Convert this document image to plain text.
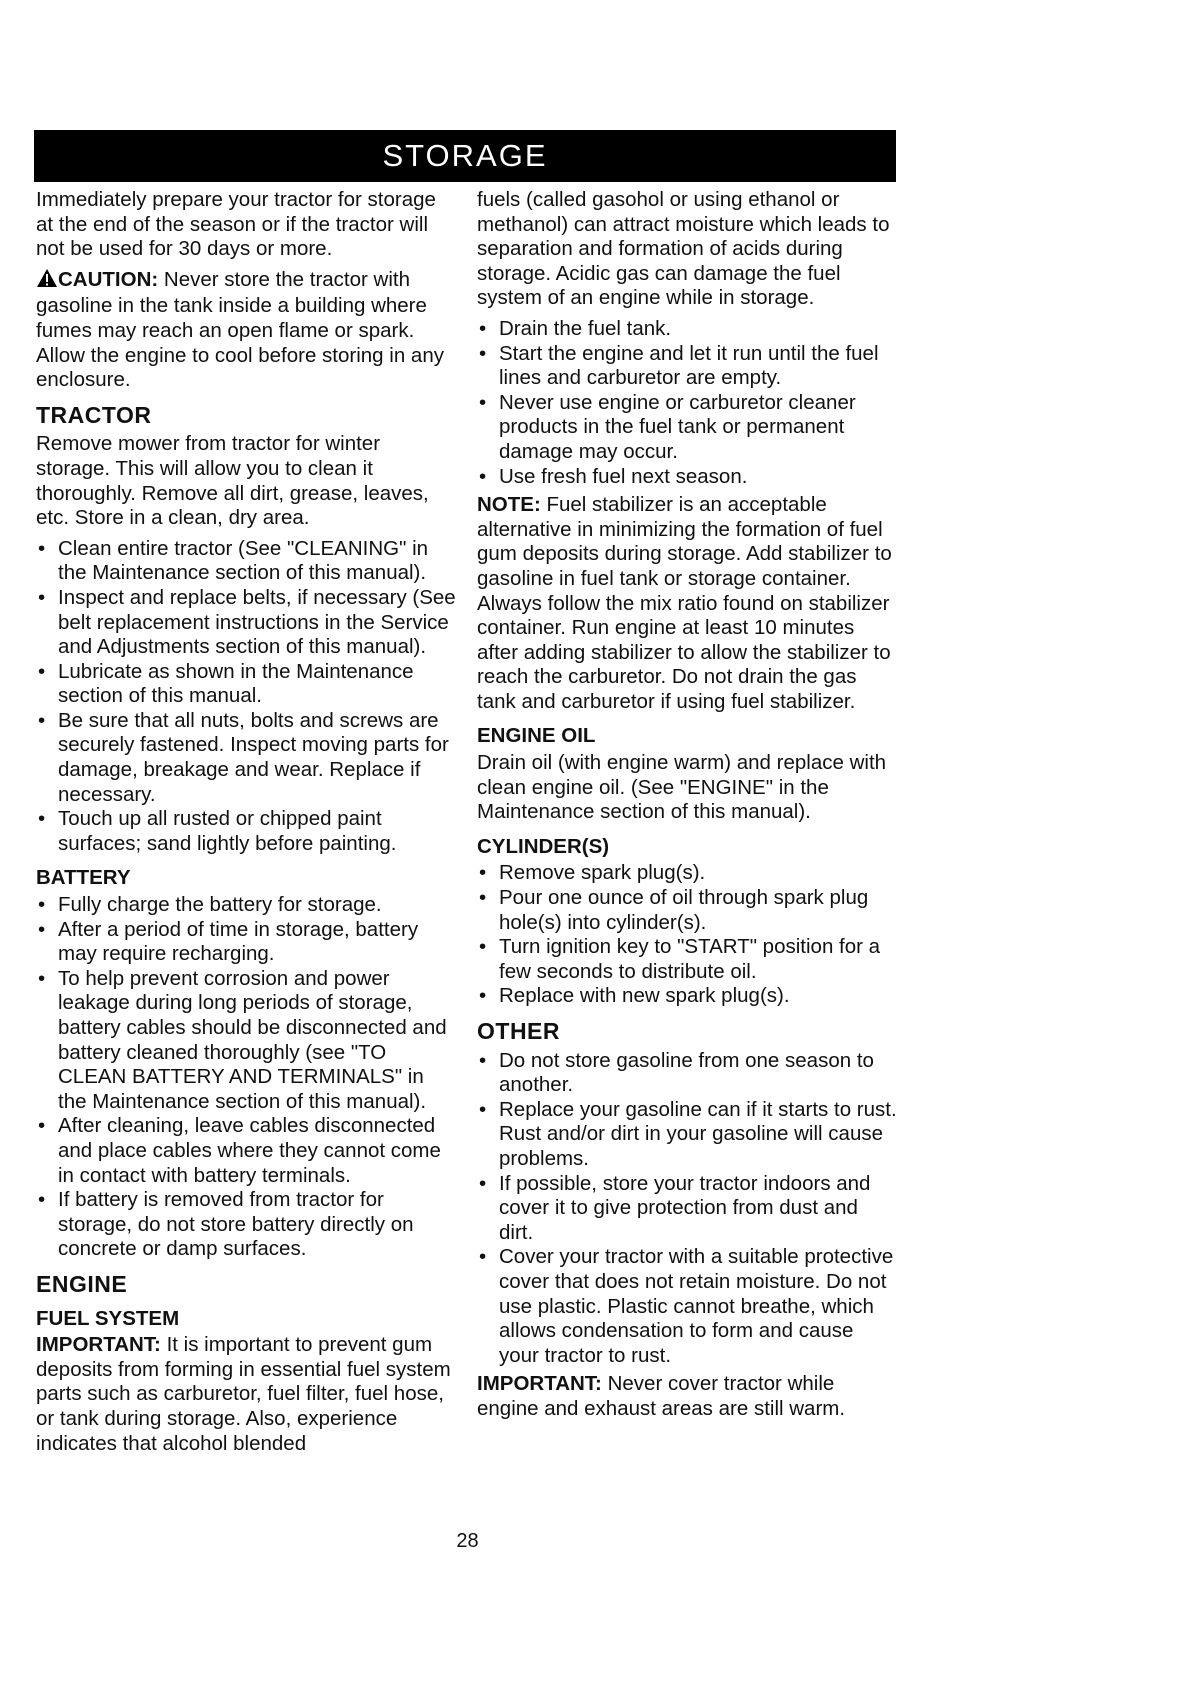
STORAGE

Immediately prepare your tractor for storage at the end of the season or if the tractor will not be used for 30 days or more.

CAUTION: Never store the tractor with gasoline in the tank inside a building where fumes may reach an open flame or spark. Allow the engine to cool before storing in any enclosure.

TRACTOR

Remove mower from tractor for winter storage. This will allow you to clean it thoroughly. Remove all dirt, grease, leaves, etc. Store in a clean, dry area.

• Clean entire tractor (See "CLEANING" in the Maintenance section of this manual).
• Inspect and replace belts, if necessary (See belt replacement instructions in the Service and Adjustments section of this manual).
• Lubricate as shown in the Maintenance section of this manual.
• Be sure that all nuts, bolts and screws are securely fastened. Inspect moving parts for damage, breakage and wear. Replace if necessary.
• Touch up all rusted or chipped paint surfaces; sand lightly before painting.
BATTERY
• Fully charge the battery for storage.
• After a period of time in storage, battery may require recharging.
• To help prevent corrosion and power leakage during long periods of storage, battery cables should be disconnected and battery cleaned thoroughly (see "TO CLEAN BATTERY AND TERMINALS" in the Maintenance section of this manual).
• After cleaning, leave cables disconnected and place cables where they cannot come in contact with battery terminals.
• If battery is removed from tractor for storage, do not store battery directly on concrete or damp surfaces.
ENGINE
FUEL SYSTEM

IMPORTANT: It is important to prevent gum deposits from forming in essential fuel system parts such as carburetor, fuel filter, fuel hose, or tank during storage. Also, experience indicates that alcohol blended

fuels (called gasohol or using ethanol or methanol) can attract moisture which leads to separation and formation of acids during storage. Acidic gas can damage the fuel system of an engine while in storage.

• Drain the fuel tank.
• Start the engine and let it run until the fuel lines and carburetor are empty.
• Never use engine or carburetor cleaner products in the fuel tank or permanent damage may occur.
• Use fresh fuel next season.

NOTE: Fuel stabilizer is an acceptable alternative in minimizing the formation of fuel gum deposits during storage. Add stabilizer to gasoline in fuel tank or storage container. Always follow the mix ratio found on stabilizer container. Run engine at least 10 minutes after adding stabilizer to allow the stabilizer to reach the carburetor. Do not drain the gas tank and carburetor if using fuel stabilizer.

ENGINE OIL

Drain oil (with engine warm) and replace with clean engine oil. (See "ENGINE" in the Maintenance section of this manual).

CYLINDER(S)
• Remove spark plug(s).
• Pour one ounce of oil through spark plug hole(s) into cylinder(s).
• Turn ignition key to "START" position for a few seconds to distribute oil.
• Replace with new spark plug(s).
OTHER
• Do not store gasoline from one season to another.
• Replace your gasoline can if it starts to rust. Rust and/or dirt in your gasoline will cause problems.
• If possible, store your tractor indoors and cover it to give protection from dust and dirt.
• Cover your tractor with a suitable protective cover that does not retain moisture. Do not use plastic. Plastic cannot breathe, which allows condensation to form and cause your tractor to rust.

IMPORTANT: Never cover tractor while engine and exhaust areas are still warm.

28
